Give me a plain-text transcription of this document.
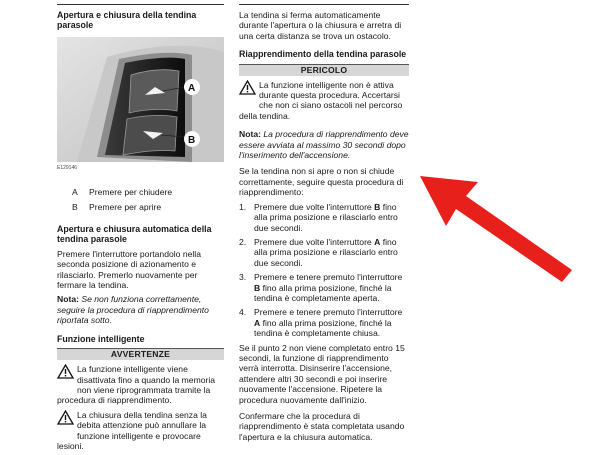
Apertura e chiusura della tendina parasole
A
B
E129146
A	Premere per chiudere
B	Premere per aprire
Apertura e chiusura automatica della tendina parasole

Premere l'interruttore portandolo nella seconda posizione di azionamento e rilasciarlo. Premerlo nuovamente per fermare la tendina.

Nota: Se non funziona correttamente, seguire la procedura di riapprendimento riportata sotto.

Funzione intelligente
AVVERTENZE
La funzione intelligente viene disattivata fino a quando la memoria non viene riprogrammata tramite la
procedura di riapprendimento.
La chiusura della tendina senza la debita attenzione può annullare la funzione intelligente e provocare
lesioni.

La tendina si ferma automaticamente durante l'apertura o la chiusura e arretra di una certa distanza se trova un ostacolo.

Riapprendimento della tendina parasole
PERICOLO
La funzione intelligente non è attiva durante questa procedura. Accertarsi che non ci siano ostacoli nel percorso
della tendina.

Nota: La procedura di riapprendimento deve essere avviata al massimo 30 secondi dopo l'inserimento dell'accensione.

Se la tendina non si apre o non si chiude correttamente, seguire questa procedura di riapprendimento:

1. Premere due volte l'interruttore B fino alla prima posizione e rilasciarlo entro due secondi.
2. Premere due volte l'interruttore A fino alla prima posizione e rilasciarlo entro due secondi.
3. Premere e tenere premuto l'interruttore B fino alla prima posizione, finché la tendina è completamente aperta.
4. Premere e tenere premuto l'interruttore A fino alla prima posizione, finché la tendina è completamente chiusa.

Se il punto 2 non viene completato entro 15 secondi, la funzione di riapprendimento verrà interrotta. Disinserire l'accensione, attendere altri 30 secondi e poi inserire nuovamente l'accensione. Ripetere la procedura nuovamente dall'inizio.

Confermare che la procedura di riapprendimento è stata completata usando l'apertura e la chiusura automatica.
